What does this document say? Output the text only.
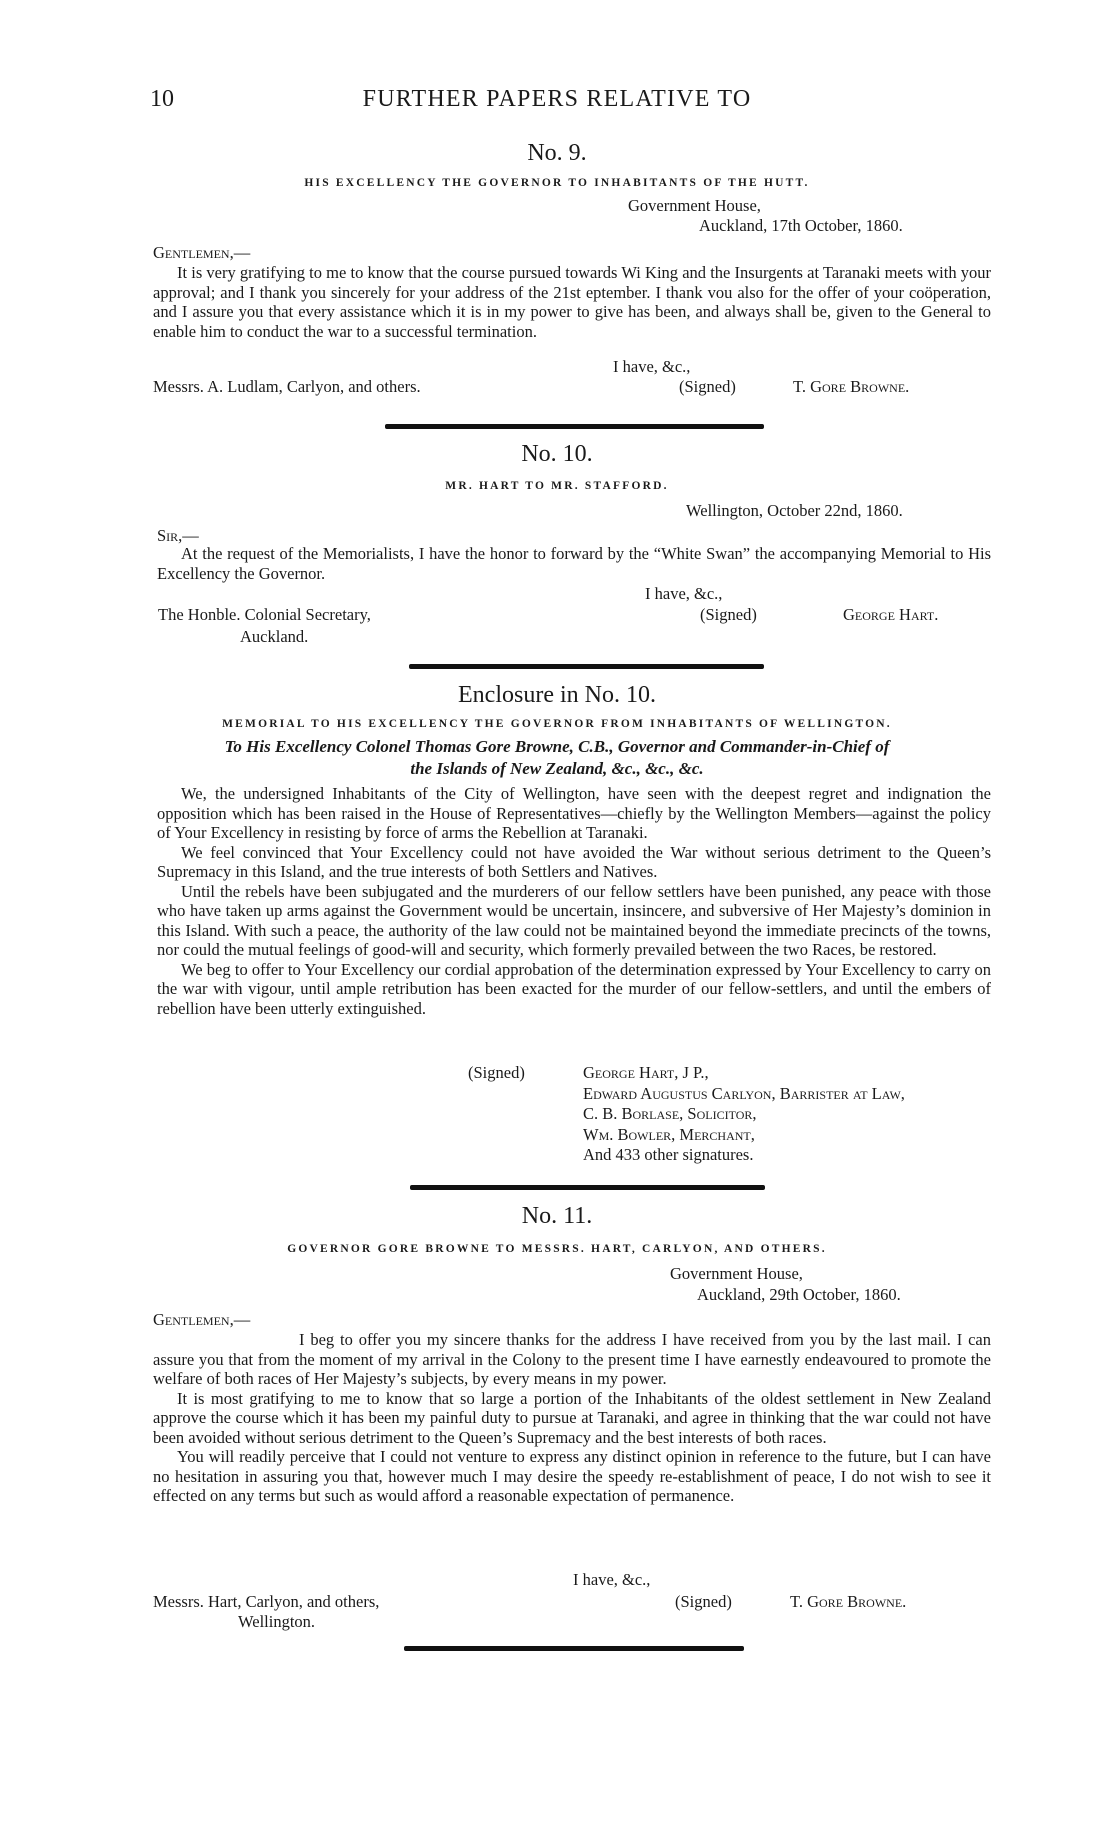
10	FURTHER PAPERS RELATIVE TO
No. 9.
HIS EXCELLENCY THE GOVERNOR TO INHABITANTS OF THE HUTT.
Government House,
Auckland, 17th October, 1860.
Gentlemen,—

It is very gratifying to me to know that the course pursued towards Wi King and the Insurgents at Taranaki meets with your approval; and I thank you sincerely for your address of the 21st eptember. I thank vou also for the offer of your coöperation, and I assure you that every assistance which it is in my power to give has been, and always shall be, given to the General to enable him to conduct the war to a successful termination.

I have, &c.,
Messrs. A. Ludlam, Carlyon, and others.	(Signed)	T. Gore Browne.
No. 10.
MR. HART TO MR. STAFFORD.
Wellington, October 22nd, 1860.
Sir,—

At the request of the Memorialists, I have the honor to forward by the “White Swan” the accompanying Memorial to His Excellency the Governor.

I have, &c.,
The Honble. Colonial Secretary,	(Signed)	George Hart.
Auckland.
Enclosure in No. 10.
MEMORIAL TO HIS EXCELLENCY THE GOVERNOR FROM INHABITANTS OF WELLINGTON.
To His Excellency Colonel Thomas Gore Browne, C.B., Governor and Commander-in-Chief of
the Islands of New Zealand, &c., &c., &c.

We, the undersigned Inhabitants of the City of Wellington, have seen with the deepest regret and indignation the opposition which has been raised in the House of Representatives—chiefly by the Wellington Members—against the policy of Your Excellency in resisting by force of arms the Rebellion at Taranaki.

We feel convinced that Your Excellency could not have avoided the War without serious detriment to the Queen’s Supremacy in this Island, and the true interests of both Settlers and Natives.

Until the rebels have been subjugated and the murderers of our fellow settlers have been punished, any peace with those who have taken up arms against the Government would be uncertain, insincere, and subversive of Her Majesty’s dominion in this Island. With such a peace, the authority of the law could not be maintained beyond the immediate precincts of the towns, nor could the mutual feelings of good-will and security, which formerly prevailed between the two Races, be restored.

We beg to offer to Your Excellency our cordial approbation of the determination expressed by Your Excellency to carry on the war with vigour, until ample retribution has been exacted for the murder of our fellow-settlers, and until the embers of rebellion have been utterly extinguished.

(Signed)	George Hart, J P.,
Edward Augustus Carlyon, Barrister at Law,
C. B. Borlase, Solicitor,
Wm. Bowler, Merchant,
And 433 other signatures.
No. 11.
GOVERNOR GORE BROWNE TO MESSRS. HART, CARLYON, AND OTHERS.
Government House,
Auckland, 29th October, 1860.
Gentlemen,—

I beg to offer you my sincere thanks for the address I have received from you by the last mail. I can assure you that from the moment of my arrival in the Colony to the present time I have earnestly endeavoured to promote the welfare of both races of Her Majesty’s subjects, by every means in my power.

It is most gratifying to me to know that so large a portion of the Inhabitants of the oldest settlement in New Zealand approve the course which it has been my painful duty to pursue at Taranaki, and agree in thinking that the war could not have been avoided without serious detriment to the Queen’s Supremacy and the best interests of both races.

You will readily perceive that I could not venture to express any distinct opinion in reference to the future, but I can have no hesitation in assuring you that, however much I may desire the speedy re-establishment of peace, I do not wish to see it effected on any terms but such as would afford a reasonable expectation of permanence.

I have, &c.,
Messrs. Hart, Carlyon, and others,	(Signed)	T. Gore Browne.
Wellington.
